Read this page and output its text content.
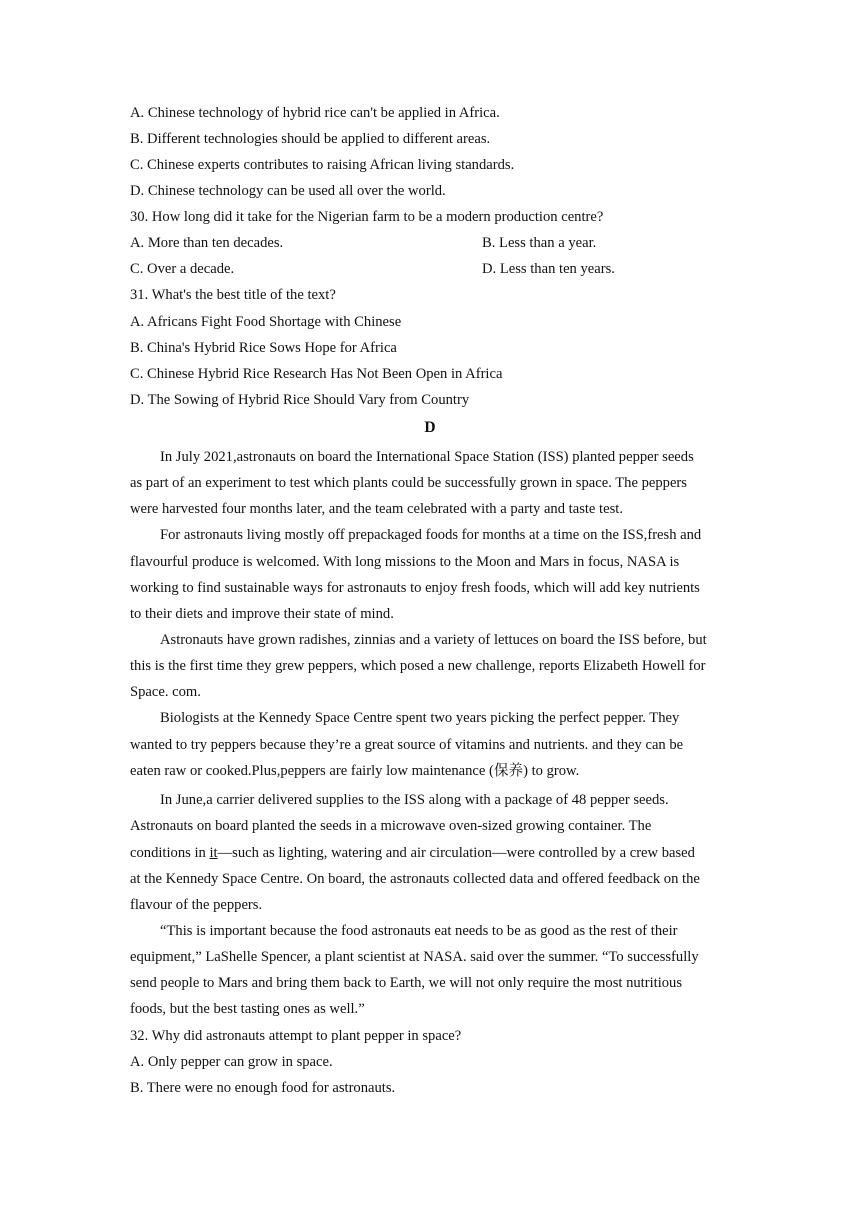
A. Chinese technology of hybrid rice can't be applied in Africa.
B. Different technologies should be applied to different areas.
C. Chinese experts contributes to raising African living standards.
D. Chinese technology can be used all over the world.
30. How long did it take for the Nigerian farm to be a modern production centre?
A. More than ten decades.	B. Less than a year.
C. Over a decade.	D. Less than ten years.
31. What's the best title of the text?
A. Africans Fight Food Shortage with Chinese
B. China's Hybrid Rice Sows Hope for Africa
C. Chinese Hybrid Rice Research Has Not Been Open in Africa
D. The Sowing of Hybrid Rice Should Vary from Country
D
In July 2021,astronauts on board the International Space Station (ISS) planted pepper seeds
as part of an experiment to test which plants could be successfully grown in space. The peppers
were harvested four months later, and the team celebrated with a party and taste test.
For astronauts living mostly off prepackaged foods for months at a time on the ISS,fresh and
flavourful produce is welcomed. With long missions to the Moon and Mars in focus, NASA is
working to find sustainable ways for astronauts to enjoy fresh foods, which will add key nutrients
to their diets and improve their state of mind.
Astronauts have grown radishes, zinnias and a variety of lettuces on board the ISS before, but
this is the first time they grew peppers, which posed a new challenge, reports Elizabeth Howell for
Space. com.
Biologists at the Kennedy Space Centre spent two years picking the perfect pepper. They
wanted to try peppers because they’re a great source of vitamins and nutrients. and they can be
eaten raw or cooked.Plus,peppers are fairly low maintenance (保养) to grow.
In June,a carrier delivered supplies to the ISS along with a package of 48 pepper seeds.
Astronauts on board planted the seeds in a microwave oven-sized growing container. The
conditions in it—such as lighting, watering and air circulation—were controlled by a crew based
at the Kennedy Space Centre. On board, the astronauts collected data and offered feedback on the
flavour of the peppers.
“This is important because the food astronauts eat needs to be as good as the rest of their
equipment,” LaShelle Spencer, a plant scientist at NASA. said over the summer. “To successfully
send people to Mars and bring them back to Earth, we will not only require the most nutritious
foods, but the best tasting ones as well.”
32. Why did astronauts attempt to plant pepper in space?
A. Only pepper can grow in space.
B. There were no enough food for astronauts.
